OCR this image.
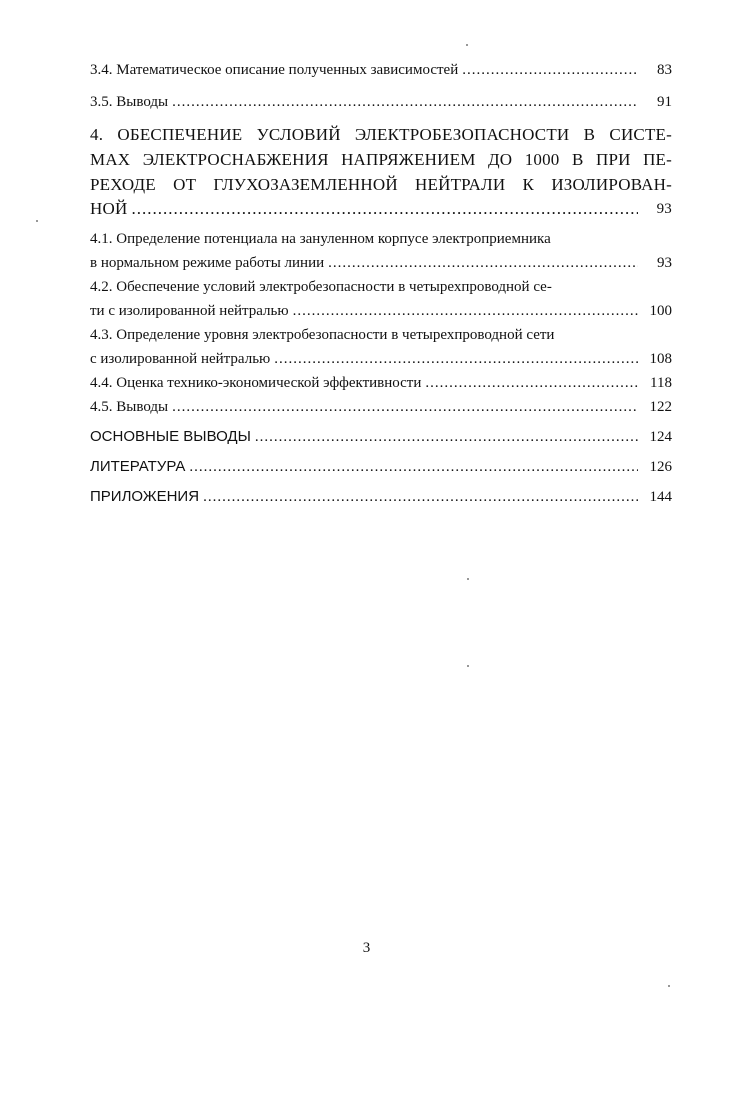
3.4. Математическое описание полученных зависимостей .....	83
3.5. Выводы .....	91
4. ОБЕСПЕЧЕНИЕ УСЛОВИЙ ЭЛЕКТРОБЕЗОПАСНОСТИ В СИСТЕ-
МАХ ЭЛЕКТРОСНАБЖЕНИЯ НАПРЯЖЕНИЕМ ДО 1000 В ПРИ ПЕ-
РЕХОДЕ ОТ ГЛУХОЗАЗЕМЛЕННОЙ НЕЙТРАЛИ К ИЗОЛИРОВАН-
НОЙ .....	93
4.1. Определение потенциала на зануленном корпусе электроприемника
в нормальном режиме работы линии .....	93
4.2. Обеспечение условий электробезопасности в четырехпроводной се-
ти с изолированной нейтралью .....	100
4.3. Определение уровня электробезопасности в четырехпроводной сети
с изолированной нейтралью .....	108
4.4. Оценка технико-экономической эффективности .....	118
4.5. Выводы .....	122
ОСНОВНЫЕ ВЫВОДЫ .....	124
ЛИТЕРАТУРА .....	126
ПРИЛОЖЕНИЯ .....	144
3
